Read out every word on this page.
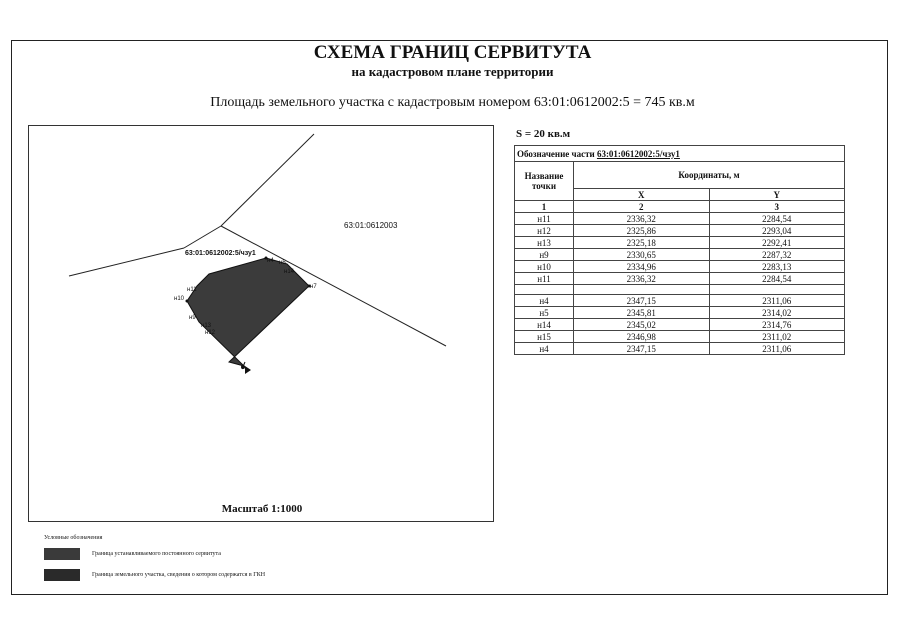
СХЕМА ГРАНИЦ СЕРВИТУТА
на кадастровом плане территории
Площадь земельного участка с кадастровым номером 63:01:0612002:5 = 745 кв.м
63:01:0612003
63:01:0612002:5/чзу1
н4 н5
н14
н7
н11
н10
н9
н13
н12
Масштаб 1:1000
S = 20 кв.м
Обозначение части 63:01:0612002:5/чзу1		
Название точки	Координаты, м	
	X	Y
1	2	3
н11	2336,32	2284,54
н12	2325,86	2293,04
н13	2325,18	2292,41
н9	2330,65	2287,32
н10	2334,96	2283,13
н11	2336,32	2284,54

н4	2347,15	2311,06
н5	2345,81	2314,02
н14	2345,02	2314,76
н15	2346,98	2311,02
н4	2347,15	2311,06
Условные обозначения
Граница устанавливаемого постоянного сервитута
Граница земельного участка, сведения о котором содержатся в ГКН
